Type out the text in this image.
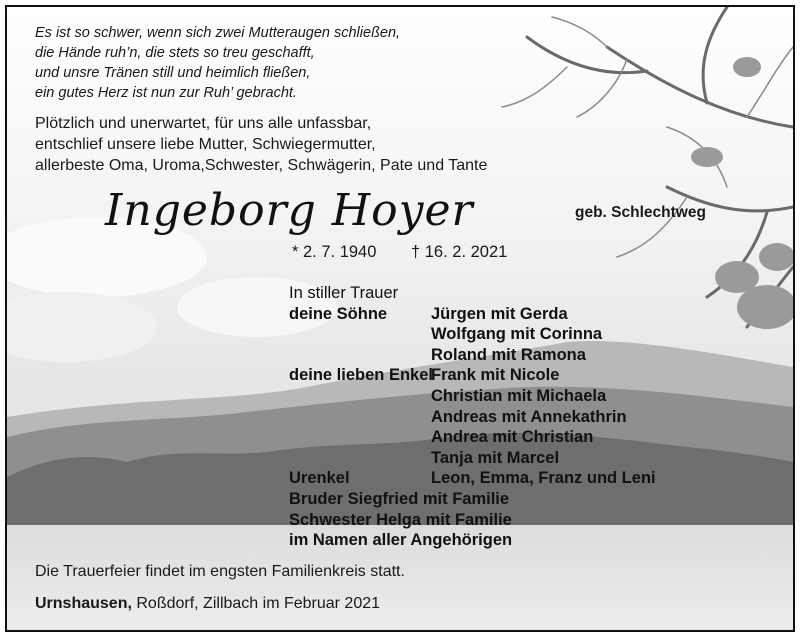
Es ist so schwer, wenn sich zwei Mutteraugen schließen,
die Hände ruh’n, die stets so treu geschafft,
und unsre Tränen still und heimlich fließen,
ein gutes Herz ist nun zur Ruh’ gebracht.
Plötzlich und unerwartet, für uns alle unfassbar,
entschlief unsere liebe Mutter, Schwiegermutter,
allerbeste Oma, Uroma,Schwester, Schwägerin, Pate und Tante
Ingeborg Hoyer	geb. Schlechtweg
* 2. 7. 1940 † 16. 2. 2021
In stiller Trauer
deine Söhne

deine lieben Enkel

Urenkel
Bruder Siegfried mit Familie
Schwester Helga mit Familie
im Namen aller Angehörigen
Jürgen mit Gerda
Wolfgang mit Corinna
Roland mit Ramona
Frank mit Nicole
Christian mit Michaela
Andreas mit Annekathrin
Andrea mit Christian
Tanja mit Marcel
Leon, Emma, Franz und Leni
Die Trauerfeier findet im engsten Familienkreis statt.
Urnshausen, Roßdorf, Zillbach im Februar 2021
